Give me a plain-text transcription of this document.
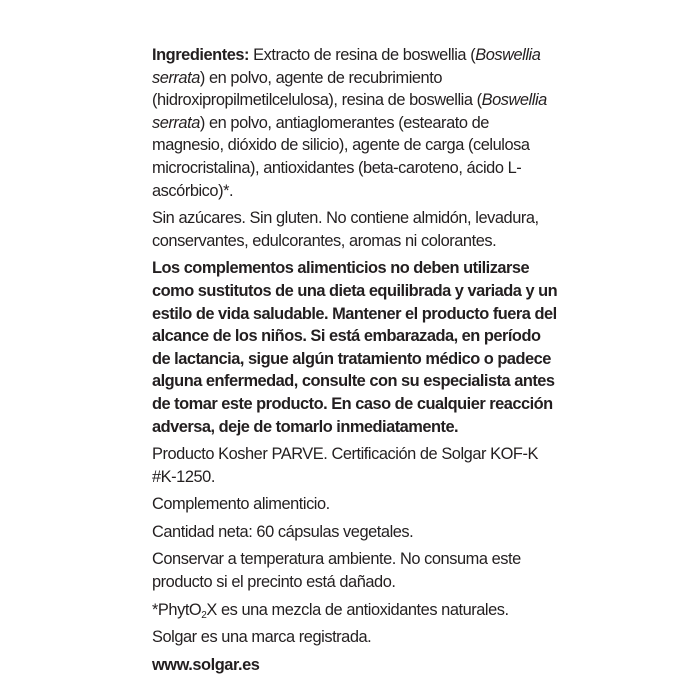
Ingredientes: Extracto de resina de boswellia (Boswellia serrata) en polvo, agente de recubrimiento (hidroxipropilmetilcelulosa), resina de boswellia (Boswellia serrata) en polvo, antiaglomerantes (estearato de magnesio, dióxido de silicio), agente de carga (celulosa microcristalina), antioxidantes (beta-caroteno, ácido L-ascórbico)*.

Sin azúcares. Sin gluten. No contiene almidón, levadura, conservantes, edulcorantes, aromas ni colorantes.

Los complementos alimenticios no deben utilizarse como sustitutos de una dieta equilibrada y variada y un estilo de vida saludable. Mantener el producto fuera del alcance de los niños. Si está embarazada, en período de lactancia, sigue algún tratamiento médico o padece alguna enfermedad, consulte con su especialista antes de tomar este producto. En caso de cualquier reacción adversa, deje de tomarlo inmediatamente.

Producto Kosher PARVE. Certificación de Solgar KOF-K #K-1250.

Complemento alimenticio.

Cantidad neta: 60 cápsulas vegetales.

Conservar a temperatura ambiente. No consuma este producto si el precinto está dañado.

*PhytO$_2$X es una mezcla de antioxidantes naturales.

Solgar es una marca registrada.

www.solgar.es
